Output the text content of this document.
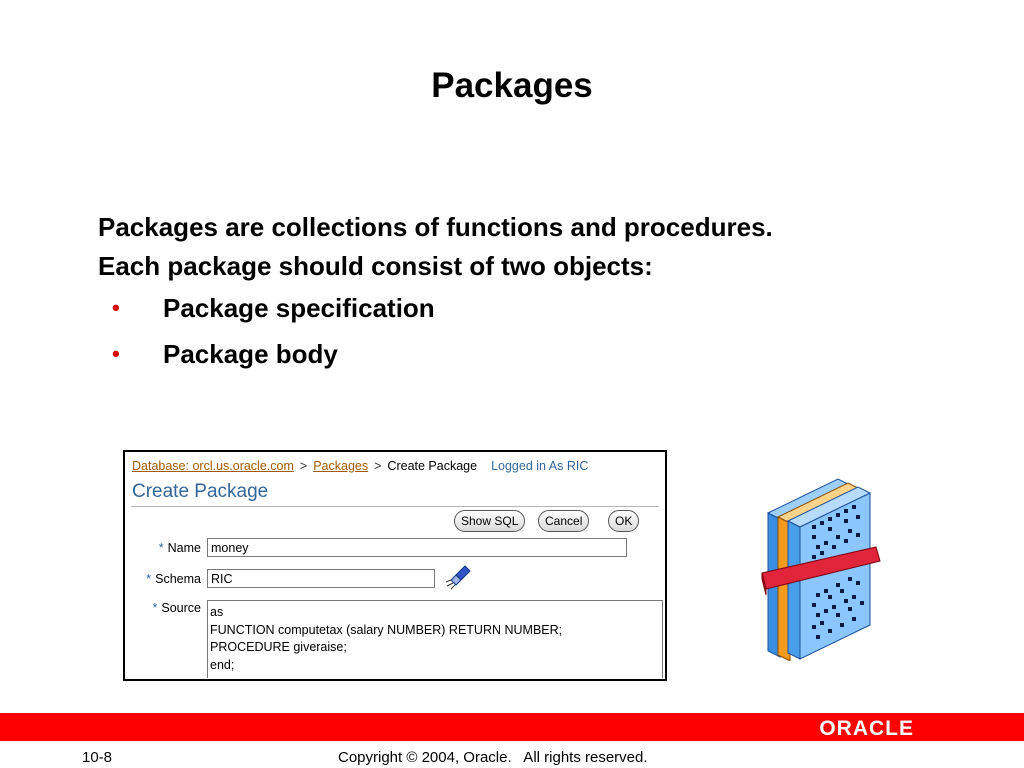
Packages
Packages are collections of functions and procedures.
Each package should consist of two objects:
• Package specification
• Package body
Database: orcl.us.oracle.com > Packages > Create Package Logged in As RIC
Create Package
Show SQL	Cancel	OK
* Name money
* Schema RIC
* Source as
FUNCTION computetax (salary NUMBER) RETURN NUMBER;
PROCEDURE giveraise;
end;
ORACLE
10-8	Copyright © 2004, Oracle.   All rights reserved.
